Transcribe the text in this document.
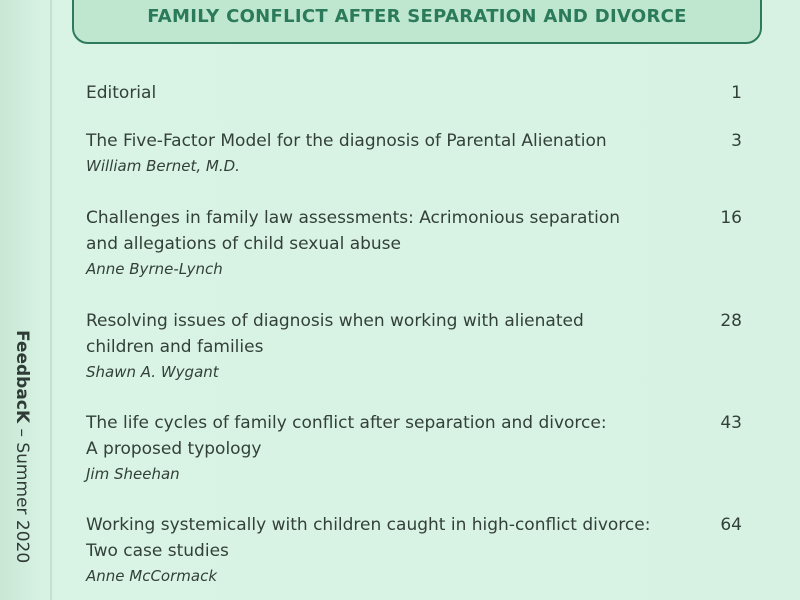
FAMILY CONFLICT AFTER SEPARATION AND DIVORCE
FeedbacK – Summer 2020
Editorial	1
The Five-Factor Model for the diagnosis of Parental Alienation
William Bernet, M.D.
3
Challenges in family law assessments: Acrimonious separation
and allegations of child sexual abuse
Anne Byrne-Lynch
16
Resolving issues of diagnosis when working with alienated
children and families
Shawn A. Wygant
28
The life cycles of family conflict after separation and divorce:
A proposed typology
Jim Sheehan
43
Working systemically with children caught in high-conflict divorce:
Two case studies
Anne McCormack
64
